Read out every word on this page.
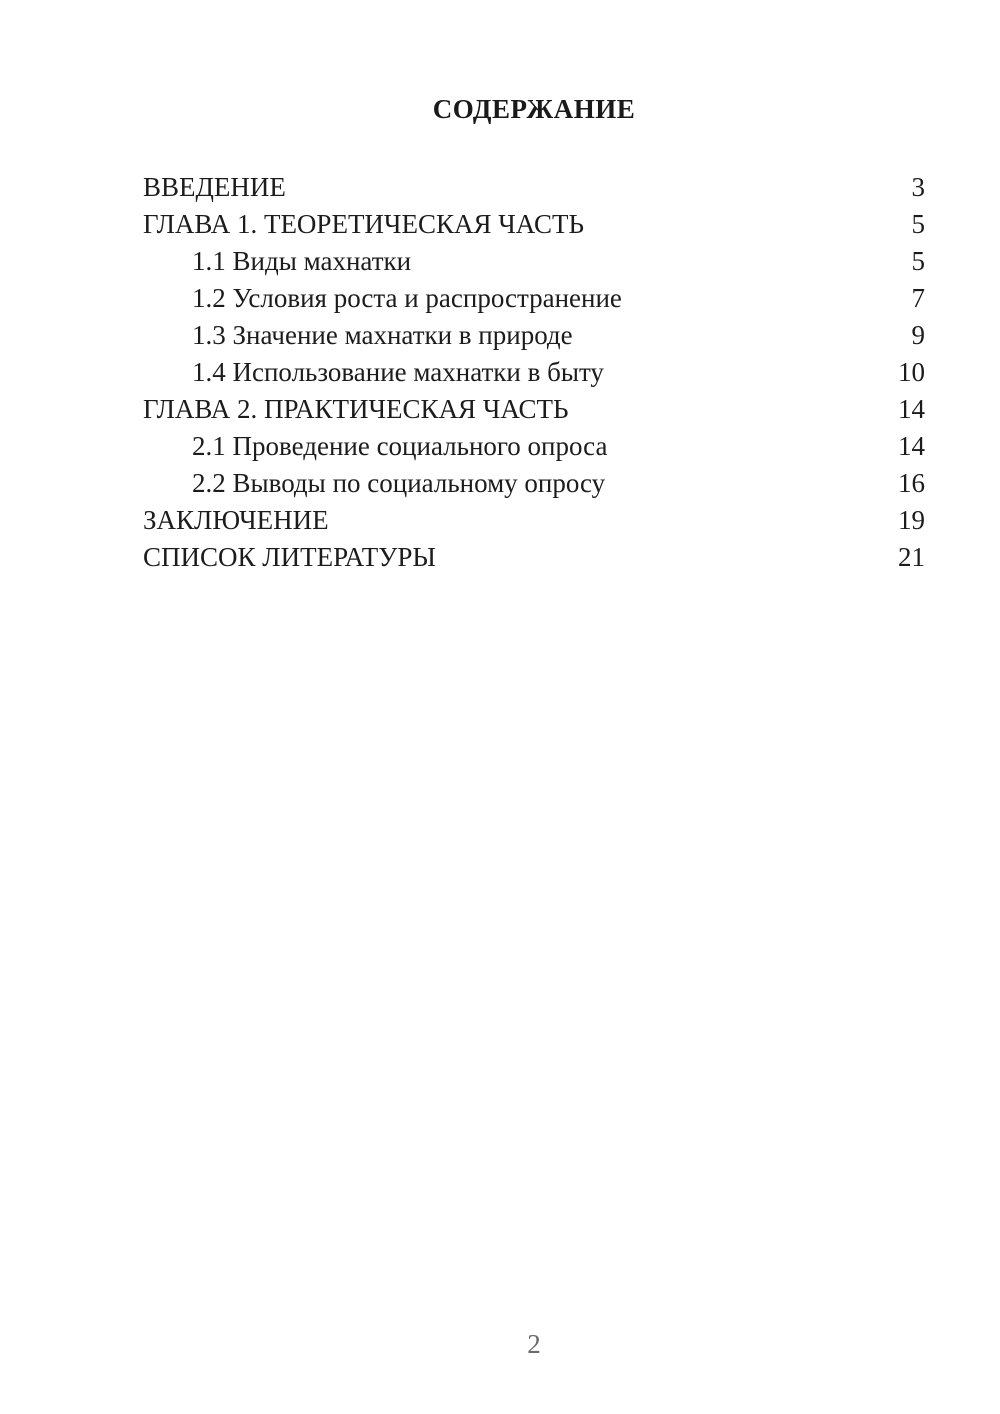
СОДЕРЖАНИЕ
ВВЕДЕНИЕ	3
ГЛАВА 1. ТЕОРЕТИЧЕСКАЯ ЧАСТЬ	5
1.1 Виды махнатки	5
1.2 Условия роста и распространение	7
1.3 Значение махнатки в природе	9
1.4 Использование махнатки в быту	10
ГЛАВА 2. ПРАКТИЧЕСКАЯ ЧАСТЬ	14
2.1 Проведение социального опроса	14
2.2 Выводы по социальному опросу	16
ЗАКЛЮЧЕНИЕ	19
СПИСОК ЛИТЕРАТУРЫ	21
2
